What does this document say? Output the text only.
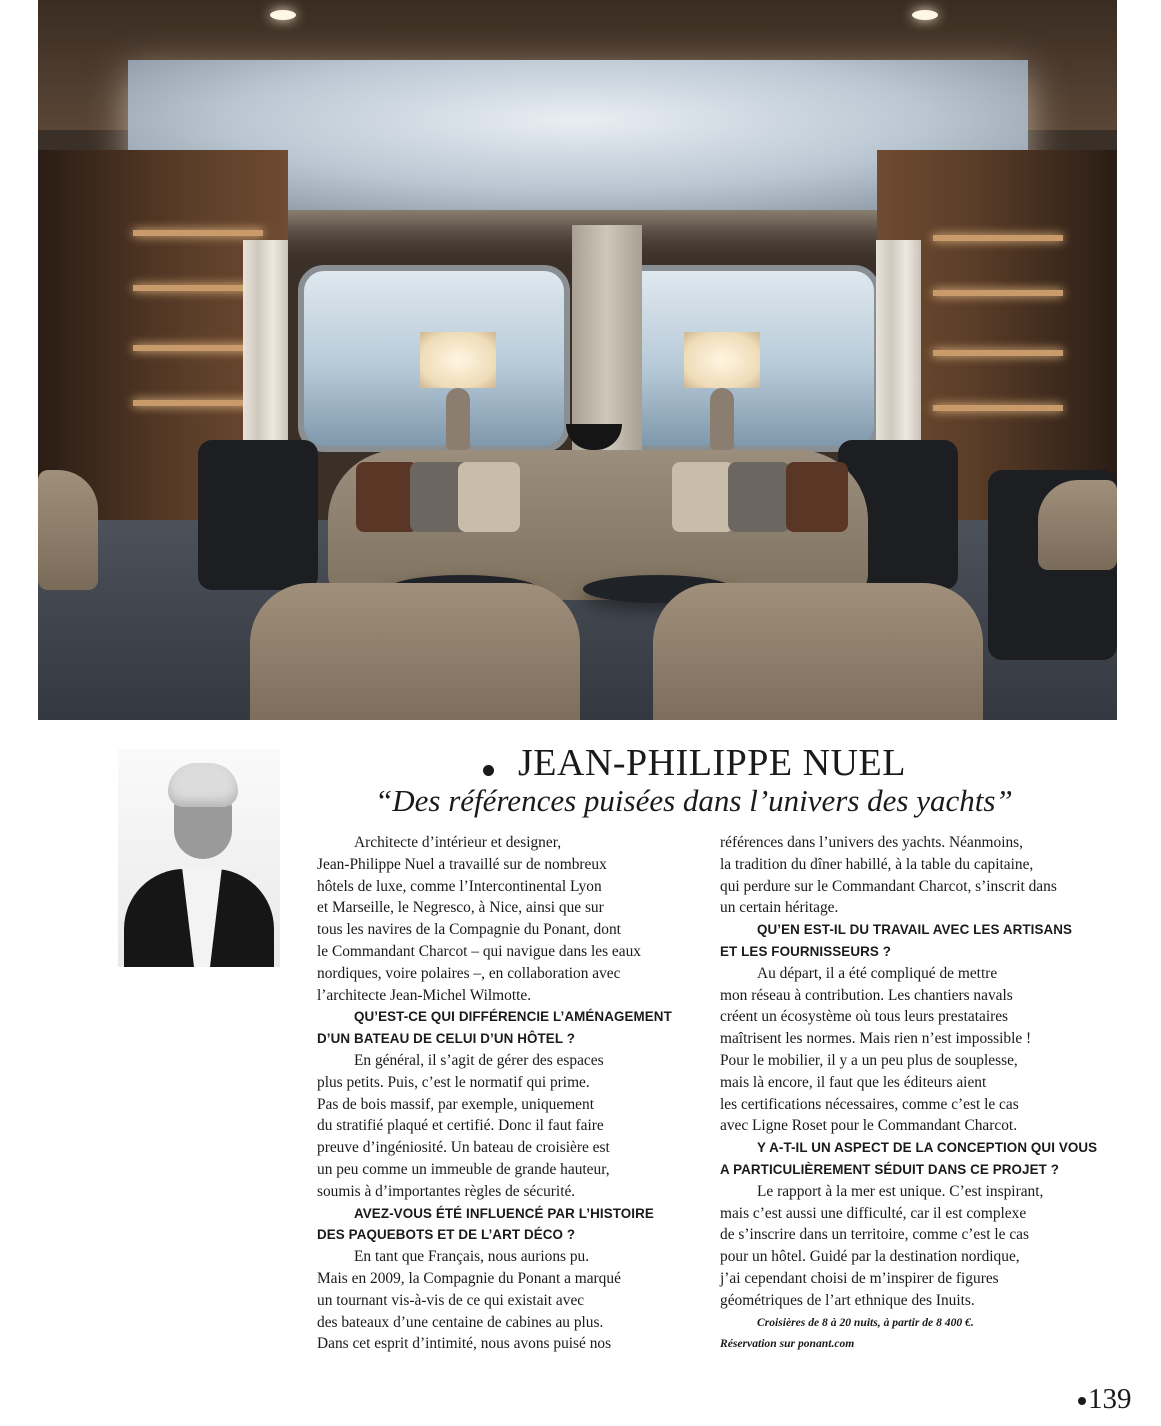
JEAN-PHILIPPE NUEL
“Des références puisées dans l’univers des yachts”
Architecte d’intérieur et designer,
Jean-Philippe Nuel a travaillé sur de nombreux
hôtels de luxe, comme l’Intercontinental Lyon
et Marseille, le Negresco, à Nice, ainsi que sur
tous les navires de la Compagnie du Ponant, dont
le Commandant Charcot – qui navigue dans les eaux
nordiques, voire polaires –, en collaboration avec
l’architecte Jean-Michel Wilmotte.
QU’EST-CE QUI DIFFÉRENCIE L’AMÉNAGEMENT
D’UN BATEAU DE CELUI D’UN HÔTEL ?
En général, il s’agit de gérer des espaces
plus petits. Puis, c’est le normatif qui prime.
Pas de bois massif, par exemple, uniquement
du stratifié plaqué et certifié. Donc il faut faire
preuve d’ingéniosité. Un bateau de croisière est
un peu comme un immeuble de grande hauteur,
soumis à d’importantes règles de sécurité.
AVEZ-VOUS ÉTÉ INFLUENCÉ PAR L’HISTOIRE
DES PAQUEBOTS ET DE L’ART DÉCO ?
En tant que Français, nous aurions pu.
Mais en 2009, la Compagnie du Ponant a marqué
un tournant vis-à-vis de ce qui existait avec
des bateaux d’une centaine de cabines au plus.
Dans cet esprit d’intimité, nous avons puisé nos
références dans l’univers des yachts. Néanmoins,
la tradition du dîner habillé, à la table du capitaine,
qui perdure sur le Commandant Charcot, s’inscrit dans
un certain héritage.
QU’EN EST-IL DU TRAVAIL AVEC LES ARTISANS
ET LES FOURNISSEURS ?
Au départ, il a été compliqué de mettre
mon réseau à contribution. Les chantiers navals
créent un écosystème où tous leurs prestataires
maîtrisent les normes. Mais rien n’est impossible !
Pour le mobilier, il y a un peu plus de souplesse,
mais là encore, il faut que les éditeurs aient
les certifications nécessaires, comme c’est le cas
avec Ligne Roset pour le Commandant Charcot.
Y A-T-IL UN ASPECT DE LA CONCEPTION QUI VOUS
A PARTICULIÈREMENT SÉDUIT DANS CE PROJET ?
Le rapport à la mer est unique. C’est inspirant,
mais c’est aussi une difficulté, car il est complexe
de s’inscrire dans un territoire, comme c’est le cas
pour un hôtel. Guidé par la destination nordique,
j’ai cependant choisi de m’inspirer de figures
géométriques de l’art ethnique des Inuits.
Croisières de 8 à 20 nuits, à partir de 8 400 €.
Réservation sur ponant.com
139
